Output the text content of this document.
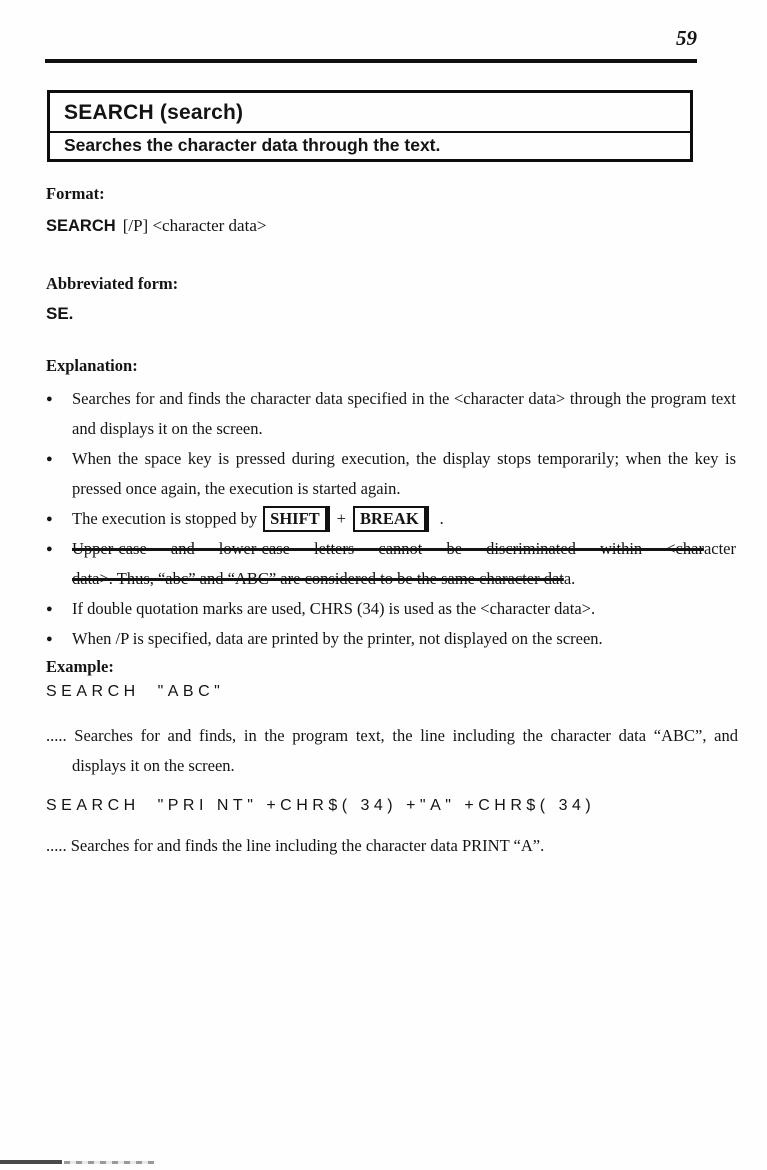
59
SEARCH (search)
Searches the character data through the text.
Format:
SEARCH [/P] <character data>
Abbreviated form:
SE.
Explanation:
●	Searches for and finds the character data specified in the <character data> through the program text and displays it on the screen.
●	When the space key is pressed during execution, the display stops temporarily; when the key is pressed once again, the execution is started again.
●	The execution is stopped by SHIFT + BREAK .
●	Upper-case and lower-case letters cannot be discriminated within <character
data>. Thus, “abc” and “ABC” are considered to be the same character data.
●	If double quotation marks are used, CHRS (34) is used as the <character data>.
●	When /P is specified, data are printed by the printer, not displayed on the screen.
Example:
SEARCH  "ABC"
..... Searches for and finds, in the program text, the line including the character data “ABC”, and displays it on the screen.
SEARCH  "PRI NT" +CHR$( 34) +"A" +CHR$( 34)
..... Searches for and finds the line including the character data PRINT “A”.
